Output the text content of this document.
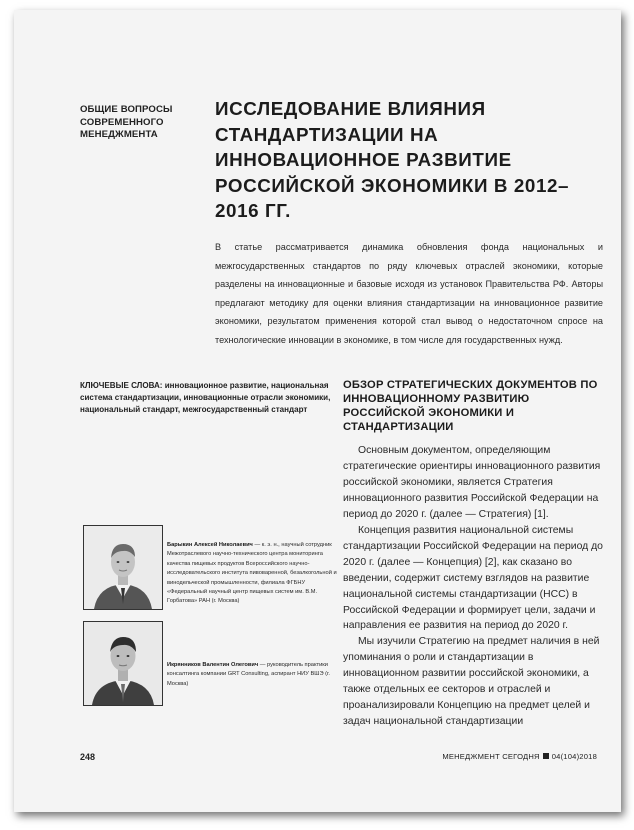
ОБЩИЕ ВОПРОСЫ СОВРЕМЕННОГО МЕНЕДЖМЕНТА
ИССЛЕДОВАНИЕ ВЛИЯНИЯ СТАНДАРТИЗАЦИИ НА ИННОВАЦИОННОЕ РАЗВИТИЕ РОССИЙСКОЙ ЭКОНОМИКИ В 2012–2016 ГГ.
В статье рассматривается динамика обновления фонда национальных и межгосударственных стандартов по ряду ключевых отраслей экономики, которые разделены на инновационные и базовые исходя из установок Правительства РФ. Авторы предлагают методику для оценки влияния стандартизации на инновационное развитие экономики, результатом применения которой стал вывод о недостаточном спросе на технологические инновации в экономике, в том числе для государственных нужд.
КЛЮЧЕВЫЕ СЛОВА: инновационное развитие, национальная система стандартизации, инновационные отрасли экономики, национальный стандарт, межгосударственный стандарт
ОБЗОР СТРАТЕГИЧЕСКИХ ДОКУМЕНТОВ ПО ИННОВАЦИОННОМУ РАЗВИТИЮ РОССИЙСКОЙ ЭКОНОМИКИ И СТАНДАРТИЗАЦИИ

Основным документом, определяющим стратегические ориентиры инновационного развития российской экономики, является Стратегия инновационного развития Российской Федерации на период до 2020 г. (далее — Стратегия) [1].

Концепция развития национальной системы стандартизации Российской Федерации на период до 2020 г. (далее — Концепция) [2], как сказано во введении, содержит систему взглядов на развитие национальной системы стандартизации (НСС) в Российской Федерации и формирует цели, задачи и направления ее развития на период до 2020 г.

Мы изучили Стратегию на предмет наличия в ней упоминания о роли и стандартизации в инновационном развитии российской экономики, а также отдельных ее секторов и отраслей и проанализировали Концепцию на предмет целей и задач национальной стандартизации

Барыкин Алексей Николаевич — к. э. н., научный сотрудник Межотраслевого научно-технического центра мониторинга качества пищевых продуктов Всероссийского научно-исследовательского института пивоваренной, безалкогольной и винодельческой промышленности, филиала ФГБНУ «Федеральный научный центр пищевых систем им. В.М. Горбатова» РАН (г. Москва)
Икрянников Валентин Олегович — руководитель практики консалтинга компании GRT Consulting, аспирант НИУ ВШЭ (г. Москва)
248	МЕНЕДЖМЕНТ СЕГОДНЯ 04(104)2018
